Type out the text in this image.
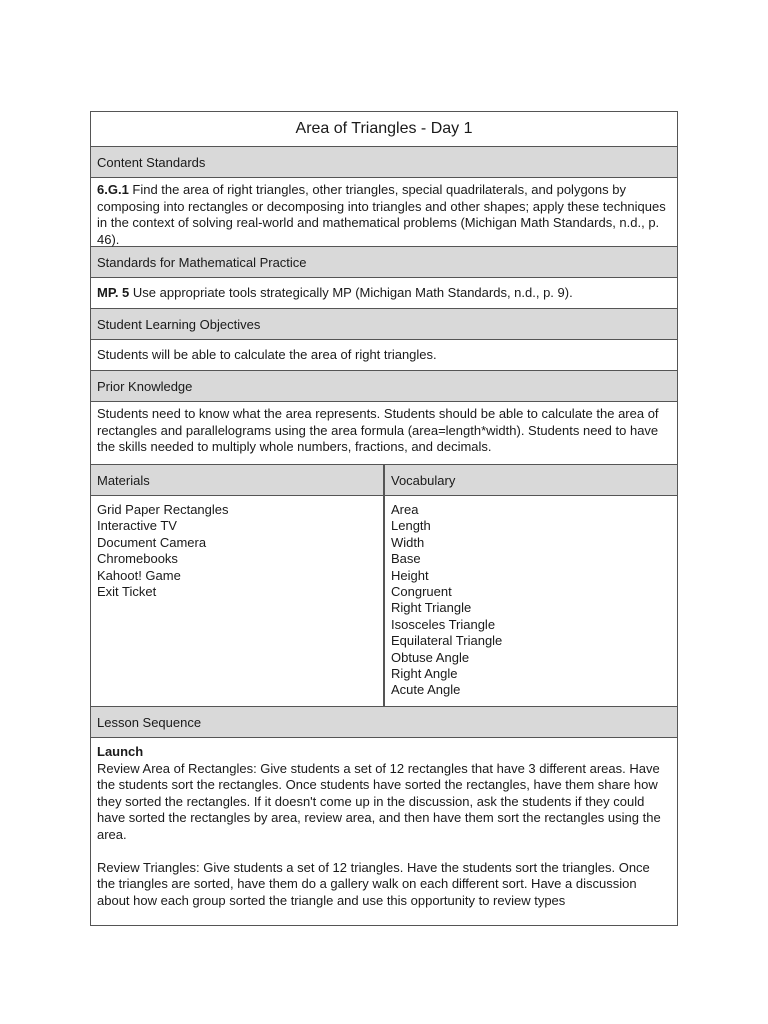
Area of Triangles - Day 1
Content Standards
6.G.1 Find the area of right triangles, other triangles, special quadrilaterals, and polygons by composing into rectangles or decomposing into triangles and other shapes; apply these techniques in the context of solving real-world and mathematical problems (Michigan Math Standards, n.d., p. 46).
Standards for Mathematical Practice
MP. 5 Use appropriate tools strategically MP (Michigan Math Standards, n.d., p. 9).
Student Learning Objectives
Students will be able to calculate the area of right triangles.
Prior Knowledge
Students need to know what the area represents. Students should be able to calculate the area of rectangles and parallelograms using the area formula (area=length*width). Students need to have the skills needed to multiply whole numbers, fractions, and decimals.
Materials
Grid Paper Rectangles
Interactive TV
Document Camera
Chromebooks
Kahoot! Game
Exit Ticket
Vocabulary
Area
Length
Width
Base
Height
Congruent
Right Triangle
Isosceles Triangle
Equilateral Triangle
Obtuse Angle
Right Angle
Acute Angle
Lesson Sequence
Launch

Review Area of Rectangles: Give students a set of 12 rectangles that have 3 different areas. Have the students sort the rectangles. Once students have sorted the rectangles, have them share how they sorted the rectangles. If it doesn't come up in the discussion, ask the students if they could have sorted the rectangles by area, review area, and then have them sort the rectangles using the area.

Review Triangles: Give students a set of 12 triangles. Have the students sort the triangles. Once the triangles are sorted, have them do a gallery walk on each different sort. Have a discussion about how each group sorted the triangle and use this opportunity to review types
